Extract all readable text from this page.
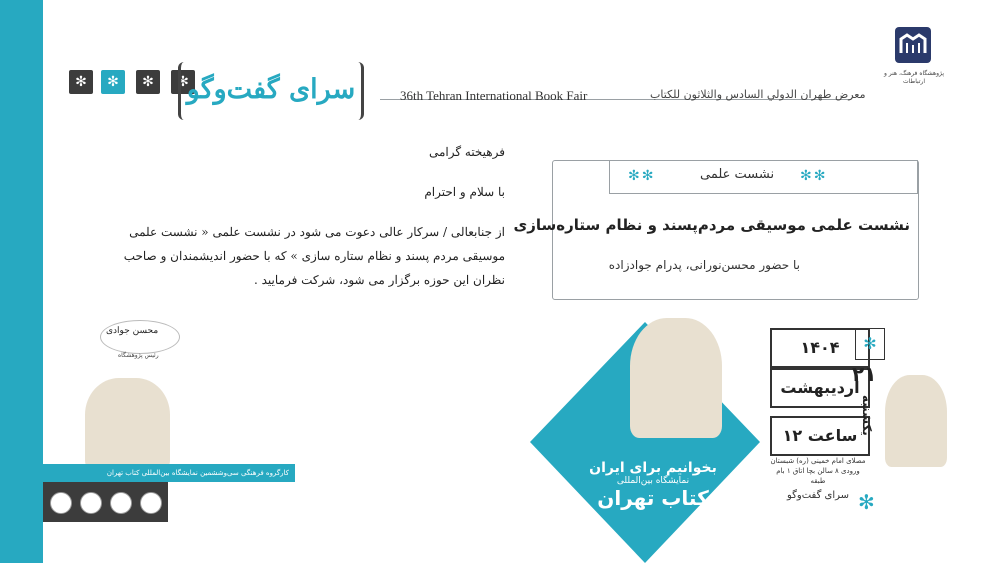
✻	✻	✻	✻
سرای گفت‌وگو	36th Tehran International Book Fair	معرض طهران الدولي السادس والثلاثون للكتاب
پژوهشگاه فرهنگ، هنر و ارتباطات

فرهیخته گرامی

با سلام و احترام

از جنابعالی / سرکار عالی دعوت می شود در نشست علمی « نشست علمی موسیقی مردم پسند و نظام ستاره سازی » که با حضور اندیشمندان و صاحب نظران این حوزه برگزار می شود، شرکت فرمایید .

محسن جوادی
رئیس پژوهشگاه
✻✻	✻✻
نشست علمی
نشست علمی موسیقی مردم‌پسند و نظام ستاره‌سازی
با حضور محسن‌نورانی، پدرام جوادزاده
۱۴۰۴
اردیبهشت
ساعت ۱۲
✻
۲۱
یکشنبه
مصلای امام خمینی (ره) شبستان ورودی ۸ سالن بچا اتاق ۱ بام طبقه
سرای گفت‌وگو ✻
بخوانیم برای ایران
نمایشگاه بین‌المللی
کتاب تهران
کارگروه فرهنگی سی‌وششمین نمایشگاه بین‌المللی کتاب تهران
